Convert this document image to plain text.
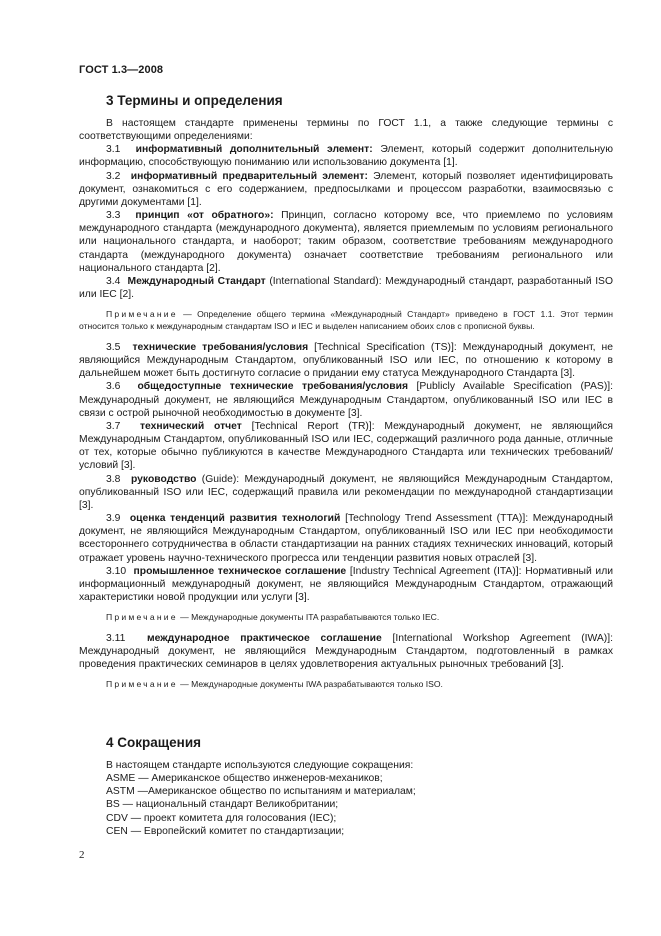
ГОСТ 1.3—2008
3 Термины и определения

В настоящем стандарте применены термины по ГОСТ 1.1, а также следующие термины с соответствующими определениями:

3.1 информативный дополнительный элемент: Элемент, который содержит дополнительную информацию, способствующую пониманию или использованию документа [1].

3.2 информативный предварительный элемент: Элемент, который позволяет идентифицировать документ, ознакомиться с его содержанием, предпосылками и процессом разработки, взаимосвязью с другими документами [1].

3.3 принцип «от обратного»: Принцип, согласно которому все, что приемлемо по условиям международного стандарта (международного документа), является приемлемым по условиям регионального или национального стандарта, и наоборот; таким образом, соответствие требованиям международного стандарта (международного документа) означает соответствие требованиям регионального или национального стандарта [2].

3.4 Международный Стандарт (International Standard): Международный стандарт, разработанный ISO или IEC [2].

Примечание — Определение общего термина «Международный Стандарт» приведено в ГОСТ 1.1. Этот термин относится только к международным стандартам ISO и IEC и выделен написанием обоих слов с прописной буквы.

3.5 технические требования/условия [Technical Specification (TS)]: Международный документ, не являющийся Международным Стандартом, опубликованный ISO или IEC, по отношению к которому в дальнейшем может быть достигнуто согласие о придании ему статуса Международного Стандарта [3].

3.6 общедоступные технические требования/условия [Publicly Available Specification (PAS)]: Международный документ, не являющийся Международным Стандартом, опубликованный ISO или IEC в связи с острой рыночной необходимостью в документе [3].

3.7 технический отчет [Technical Report (TR)]: Международный документ, не являющийся Международным Стандартом, опубликованный ISO или IEC, содержащий различного рода данные, отличные от тех, которые обычно публикуются в качестве Международного Стандарта или технических требований/условий [3].

3.8 руководство (Guide): Международный документ, не являющийся Международным Стандартом, опубликованный ISO или IEC, содержащий правила или рекомендации по международной стандартизации [3].

3.9 оценка тенденций развития технологий [Technology Trend Assessment (TTA)]: Международный документ, не являющийся Международным Стандартом, опубликованный ISO или IEC при необходимости всестороннего сотрудничества в области стандартизации на ранних стадиях технических инноваций, который отражает уровень научно-технического прогресса или тенденции развития новых отраслей [3].

3.10 промышленное техническое соглашение [Industry Technical Agreement (ITA)]: Нормативный или информационный международный документ, не являющийся Международным Стандартом, отражающий характеристики новой продукции или услуги [3].

Примечание — Международные документы ITA разрабатываются только IEC.

3.11 международное практическое соглашение [International Workshop Agreement (IWA)]: Международный документ, не являющийся Международным Стандартом, подготовленный в рамках проведения практических семинаров в целях удовлетворения актуальных рыночных требований [3].

Примечание — Международные документы IWA разрабатываются только ISO.

4 Сокращения
В настоящем стандарте используются следующие сокращения:
ASME — Американское общество инженеров-механиков;
ASTM —Американское общество по испытаниям и материалам;
BS — национальный стандарт Великобритании;
CDV — проект комитета для голосования (IEC);
CEN — Европейский комитет по стандартизации;
2
